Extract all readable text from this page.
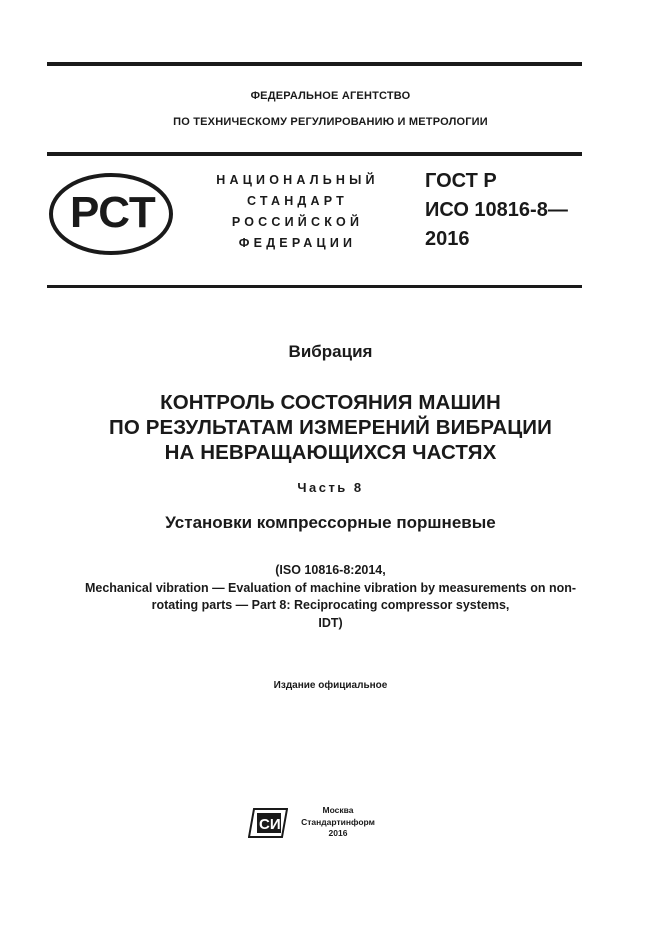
ФЕДЕРАЛЬНОЕ АГЕНТСТВО
ПО ТЕХНИЧЕСКОМУ РЕГУЛИРОВАНИЮ И МЕТРОЛОГИИ
РСТ
НАЦИОНАЛЬНЫЙ
СТАНДАРТ
РОССИЙСКОЙ
ФЕДЕРАЦИИ
ГОСТ Р
ИСО 10816-8—
2016
Вибрация
КОНТРОЛЬ СОСТОЯНИЯ МАШИН
ПО РЕЗУЛЬТАТАМ ИЗМЕРЕНИЙ ВИБРАЦИИ
НА НЕВРАЩАЮЩИХСЯ ЧАСТЯХ
Часть 8
Установки компрессорные поршневые
(ISO 10816-8:2014,
Mechanical vibration — Evaluation of machine vibration by measurements on non-
rotating parts — Part 8: Reciprocating compressor systems,
IDT)
Издание официальное
СИ
Москва
Стандартинформ
2016
